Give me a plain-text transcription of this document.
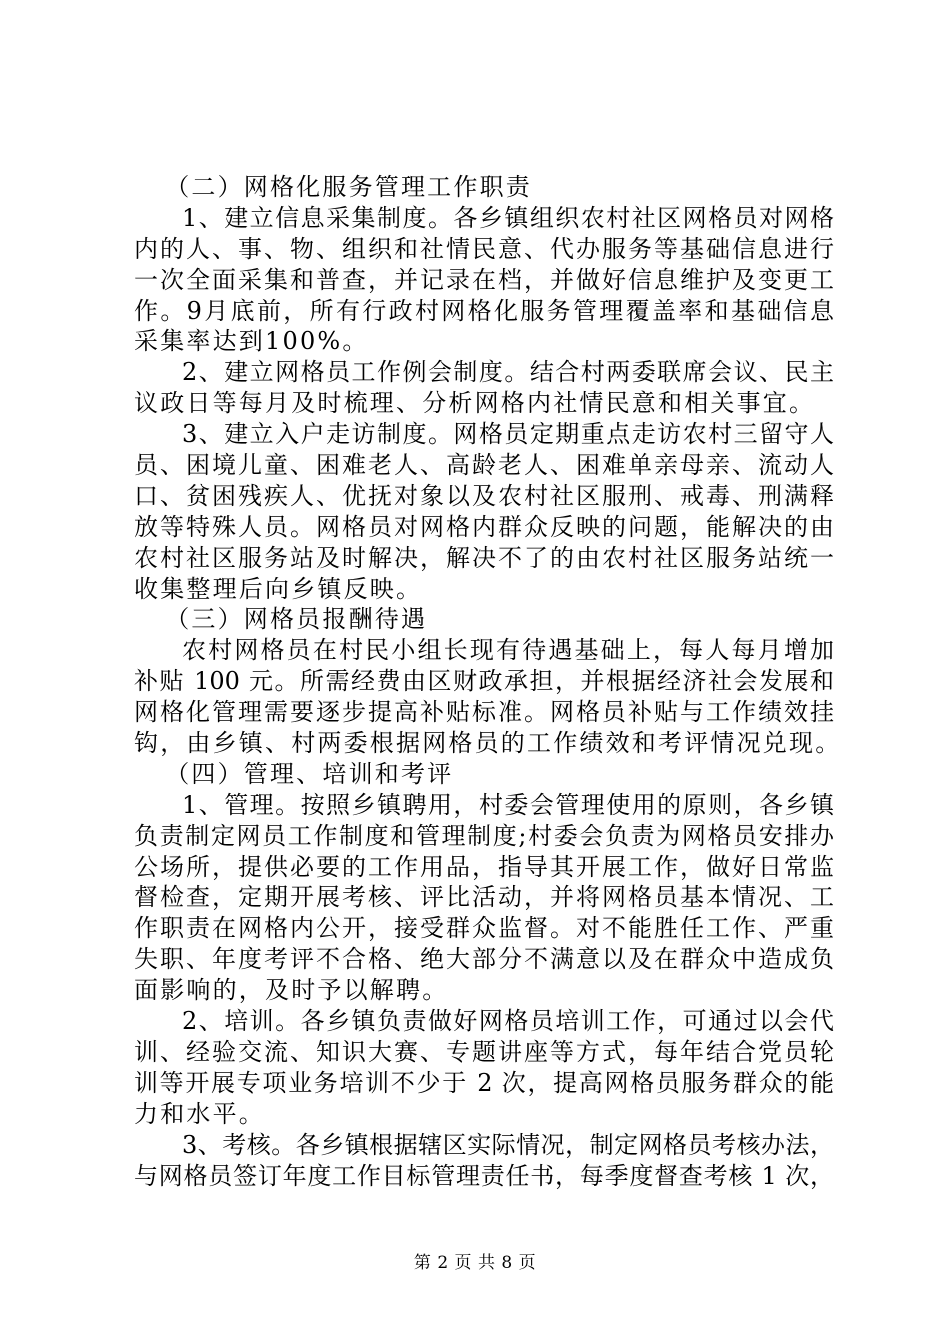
（二）网格化服务管理工作职责
1、建立信息采集制度。各乡镇组织农村社区网格员对网格
内的人、事、物、组织和社情民意、代办服务等基础信息进行
一次全面采集和普查，并记录在档，并做好信息维护及变更工
作。9月底前，所有行政村网格化服务管理覆盖率和基础信息
采集率达到100%。
2、建立网格员工作例会制度。结合村两委联席会议、民主
议政日等每月及时梳理、分析网格内社情民意和相关事宜。
3、建立入户走访制度。网格员定期重点走访农村三留守人
员、困境儿童、困难老人、高龄老人、困难单亲母亲、流动人
口、贫困残疾人、优抚对象以及农村社区服刑、戒毒、刑满释
放等特殊人员。网格员对网格内群众反映的问题，能解决的由
农村社区服务站及时解决，解决不了的由农村社区服务站统一
收集整理后向乡镇反映。
（三）网格员报酬待遇
农村网格员在村民小组长现有待遇基础上，每人每月增加
补贴 100 元。所需经费由区财政承担，并根据经济社会发展和
网格化管理需要逐步提高补贴标准。网格员补贴与工作绩效挂
钩，由乡镇、村两委根据网格员的工作绩效和考评情况兑现。
（四）管理、培训和考评
1、管理。按照乡镇聘用，村委会管理使用的原则，各乡镇
负责制定网员工作制度和管理制度;村委会负责为网格员安排办
公场所，提供必要的工作用品，指导其开展工作，做好日常监
督检查，定期开展考核、评比活动，并将网格员基本情况、工
作职责在网格内公开，接受群众监督。对不能胜任工作、严重
失职、年度考评不合格、绝大部分不满意以及在群众中造成负
面影响的，及时予以解聘。
2、培训。各乡镇负责做好网格员培训工作，可通过以会代
训、经验交流、知识大赛、专题讲座等方式，每年结合党员轮
训等开展专项业务培训不少于 2 次，提高网格员服务群众的能
力和水平。
3、考核。各乡镇根据辖区实际情况，制定网格员考核办法，
与网格员签订年度工作目标管理责任书，每季度督查考核 1 次，
第 2 页 共 8 页
